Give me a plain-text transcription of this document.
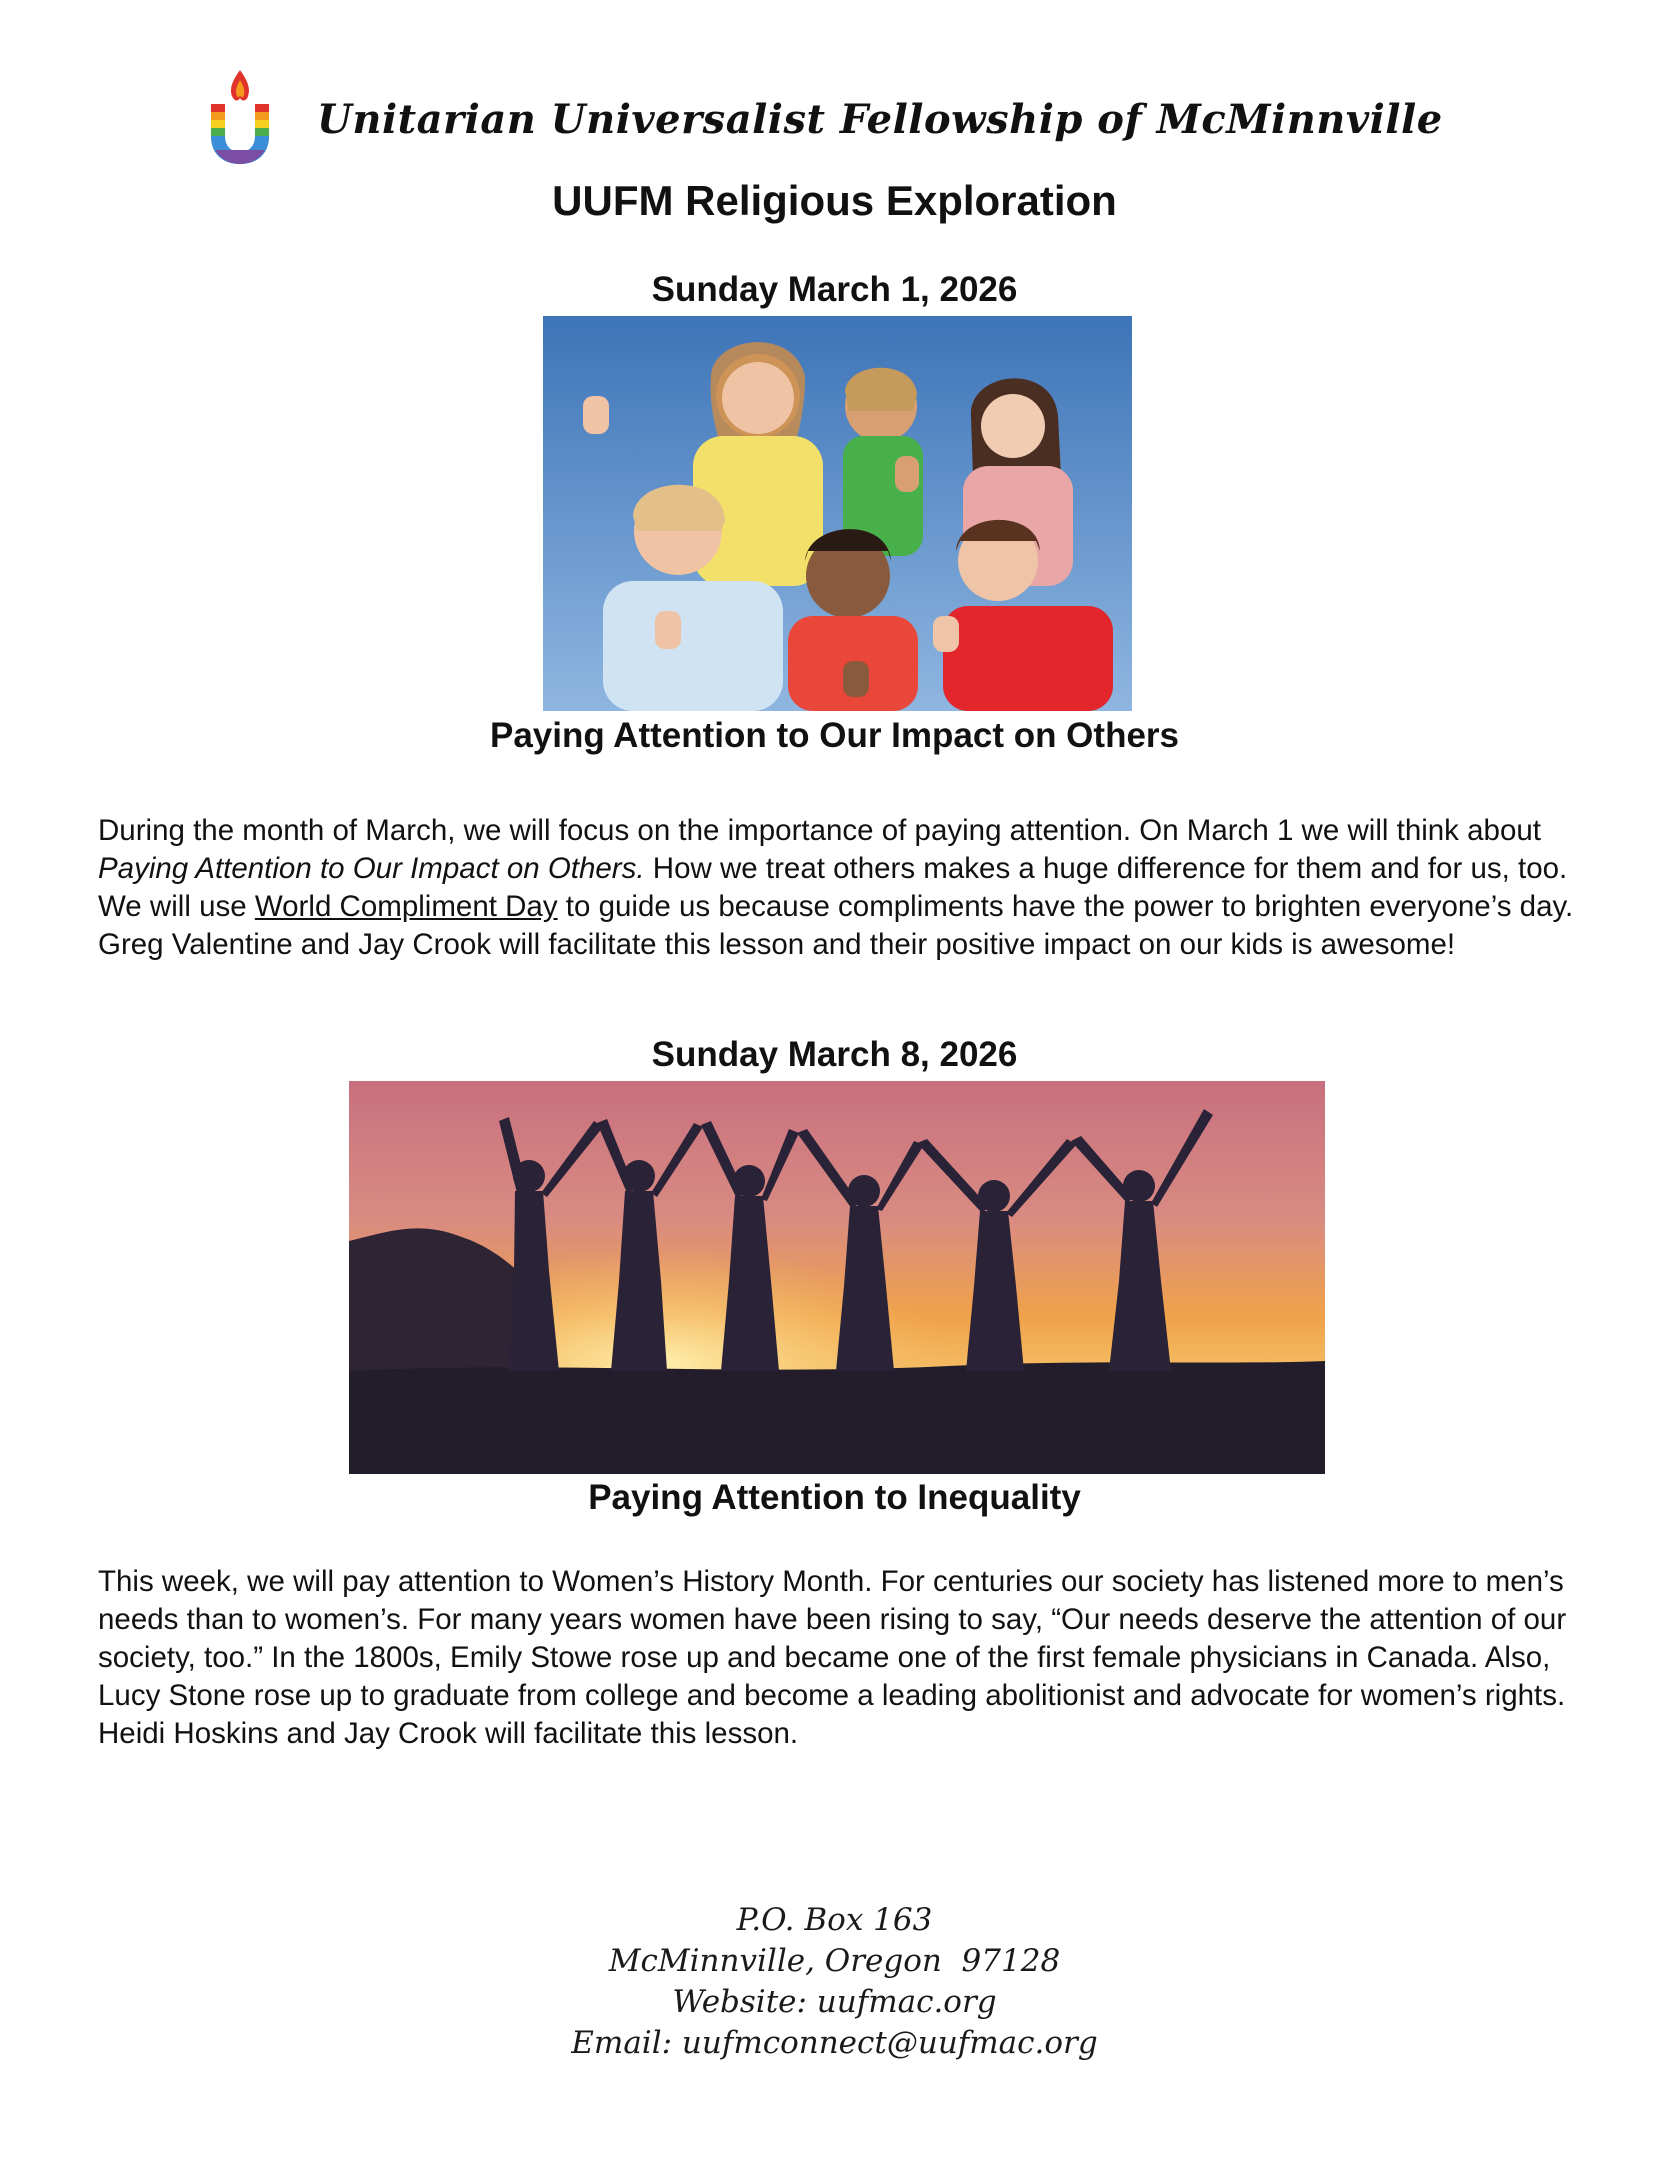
Unitarian Universalist Fellowship of McMinnville
UUFM Religious Exploration
Sunday March 1, 2026
Paying Attention to Our Impact on Others
During the month of March, we will focus on the importance of paying attention. On March 1 we will think about Paying Attention to Our Impact on Others. How we treat others makes a huge difference for them and for us, too. We will use World Compliment Day to guide us because compliments have the power to brighten everyone’s day. Greg Valentine and Jay Crook will facilitate this lesson and their positive impact on our kids is awesome!
Sunday March 8, 2026
Paying Attention to Inequality
This week, we will pay attention to Women’s History Month. For centuries our society has listened more to men’s needs than to women’s. For many years women have been rising to say, “Our needs deserve the attention of our society, too.” In the 1800s, Emily Stowe rose up and became one of the first female physicians in Canada. Also, Lucy Stone rose up to graduate from college and become a leading abolitionist and advocate for women’s rights. Heidi Hoskins and Jay Crook will facilitate this lesson.
P.O. Box 163
McMinnville, Oregon  97128
Website: uufmac.org
Email: uufmconnect@uufmac.org
